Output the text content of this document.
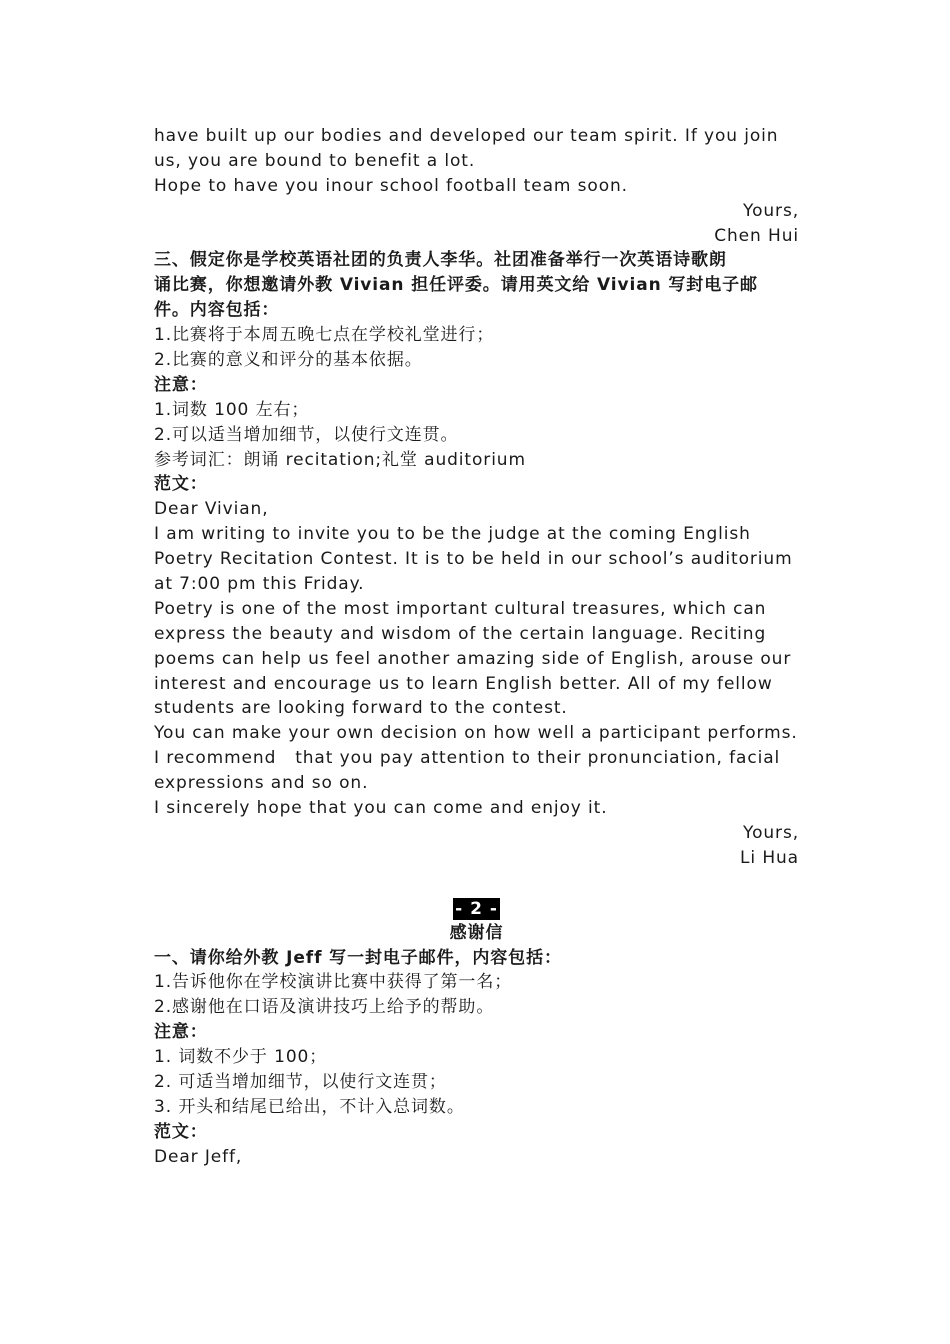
have built up our bodies and developed our team spirit. If you join
us, you are bound to benefit a lot.
Hope to have you inour school football team soon.
Yours,
Chen Hui
三、假定你是学校英语社团的负责人李华。社团准备举行一次英语诗歌朗
诵比赛，你想邀请外教 Vivian 担任评委。请用英文给 Vivian 写封电子邮
件。内容包括：
1.比赛将于本周五晚七点在学校礼堂进行；
2.比赛的意义和评分的基本依据。
注意：
1.词数 100 左右；
2.可以适当增加细节，以使行文连贯。
参考词汇：朗诵 recitation;礼堂 auditorium
范文：
Dear Vivian,
I am writing to invite you to be the judge at the coming English
Poetry Recitation Contest. It is to be held in our school’s auditorium
at 7:00 pm this Friday.
Poetry is one of the most important cultural treasures, which can
express the beauty and wisdom of the certain language. Reciting
poems can help us feel another amazing side of English, arouse our
interest and encourage us to learn English better. All of my fellow
students are looking forward to the contest.
You can make your own decision on how well a participant performs.
I recommend   that you pay attention to their pronunciation, facial
expressions and so on.
I sincerely hope that you can come and enjoy it.
Yours,
Li Hua
- 2 -
感谢信
一、请你给外教 Jeff 写一封电子邮件，内容包括：
1.告诉他你在学校演讲比赛中获得了第一名；
2.感谢他在口语及演讲技巧上给予的帮助。
注意：
1. 词数不少于 100；
2. 可适当增加细节，以使行文连贯；
3. 开头和结尾已给出，不计入总词数。
范文：
Dear Jeff,
